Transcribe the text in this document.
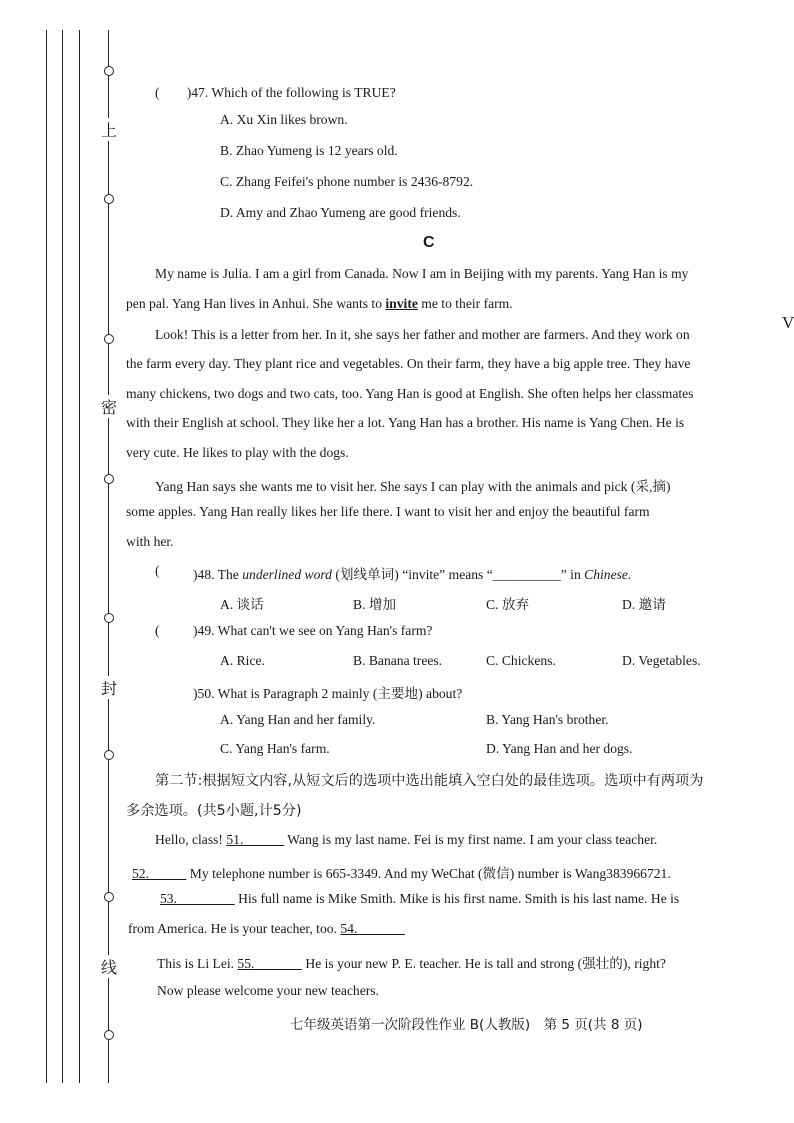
上
密
封
线
V
(　　)47. Which of the following is TRUE?
A. Xu Xin likes brown.
B. Zhao Yumeng is 12 years old.
C. Zhang Feifei's phone number is 2436-8792.
D. Amy and Zhao Yumeng are good friends.
C
My name is Julia. I am a girl from Canada. Now I am in Beijing with my parents. Yang Han is my
pen pal. Yang Han lives in Anhui. She wants to invite me to their farm.
Look! This is a letter from her. In it, she says her father and mother are farmers. And they work on
the farm every day. They plant rice and vegetables. On their farm, they have a big apple tree. They have
many chickens, two dogs and two cats, too. Yang Han is good at English. She often helps her classmates
with their English at school. They like her a lot. Yang Han has a brother. His name is Yang Chen. He is
very cute. He likes to play with the dogs.
Yang Han says she wants me to visit her. She says I can play with the animals and pick (采,摘)
some apples. Yang Han really likes her life there. I want to visit her and enjoy the beautiful farm
with her.
( )48. The underlined word (划线单词) “invite” means “__________” in Chinese.
A. 谈话	B. 增加	C. 放弃	D. 邀请
( )49. What can't we see on Yang Han's farm?
A. Rice.	B. Banana trees.	C. Chickens.	D. Vegetables.
)50. What is Paragraph 2 mainly (主要地) about?
A. Yang Han and her family.	B. Yang Han's brother.
C. Yang Han's farm.	D. Yang Han and her dogs.
第二节:根据短文内容,从短文后的选项中选出能填入空白处的最佳选项。选项中有两项为
多余选项。(共5小题,计5分)
Hello, class! 51.	Wang is my last name. Fei is my first name. I am your class teacher.
52.	My telephone number is 665-3349. And my WeChat (微信) number is Wang383966721.
53.	His full name is Mike Smith. Mike is his first name. Smith is his last name. He is
from America. He is your teacher, too. 54.
This is Li Lei. 55.	He is your new P. E. teacher. He is tall and strong (强壮的), right?
Now please welcome your new teachers.
七年级英语第一次阶段性作业 B(人教版)　第 5 页(共 8 页)
